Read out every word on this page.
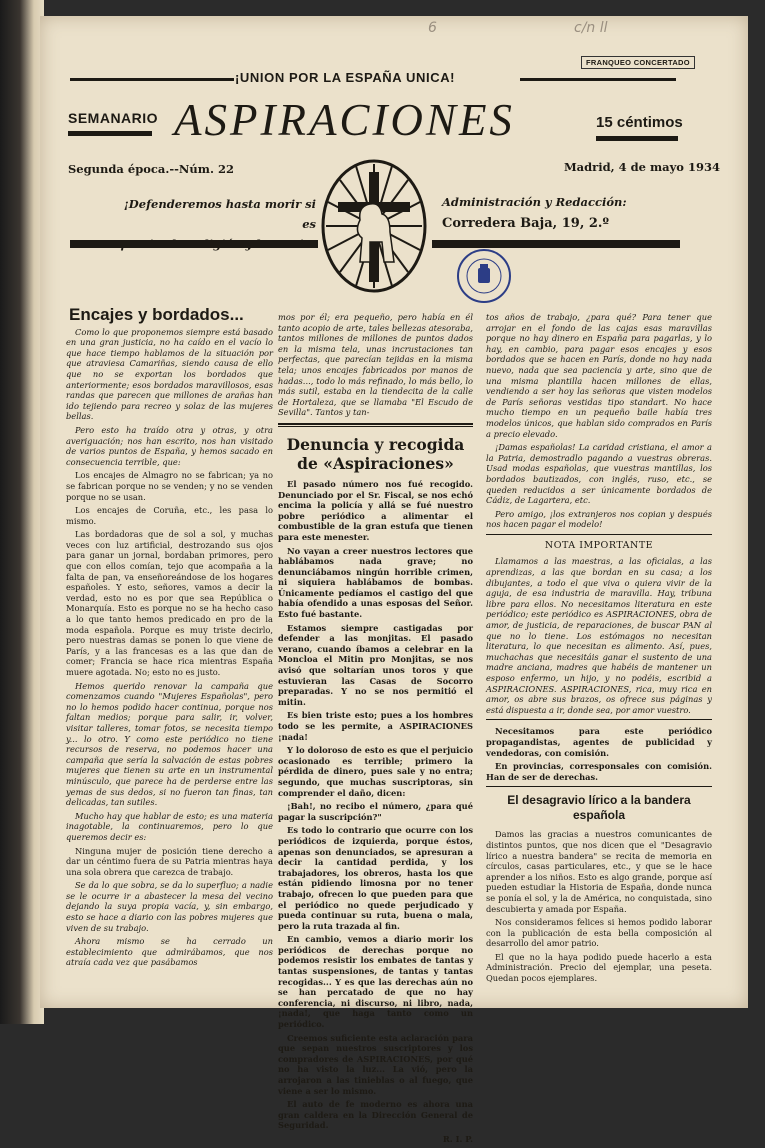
6	c/n ll
FRANQUEO CONCERTADO
¡UNION POR LA ESPAÑA UNICA!
SEMANARIO ASPIRACIONES	15 céntimos
Segunda época.--Núm. 22	Madrid, 4 de mayo 1934
¡Defenderemos hasta morir si es
Administración y Redacción:
Corredera Baja, 19, 2.º
Encajes y bordados...

Como lo que proponemos siempre está basado en una gran justicia, no ha caído en el vacío lo que hace tiempo hablamos de la situación por que atraviesa Camariñas, siendo causa de ello que no se exportan los bordados que anteriormente; esos bordados maravillosos, esas randas que parecen que millones de arañas han ido tejiendo para recreo y solaz de las mujeres bellas.

Pero esto ha traído otra y otras, y otra averiguación; nos han escrito, nos han visitado de varios puntos de España, y hemos sacado en consecuencia terrible, que:

Los encajes de Almagro no se fabrican; ya no se fabrican porque no se venden; y no se venden porque no se usan.

Los encajes de Coruña, etc., les pasa lo mismo.

Las bordadoras que de sol a sol, y muchas veces con luz artificial, destrozando sus ojos para ganar un jornal, bordaban primores, pero que con ellos comían, tejo que acompaña a la falta de pan, va enseñoreándose de los hogares españoles. Y esto, señores, vamos a decir la verdad, esto no es por que sea República o Monarquía. Esto es porque no se ha hecho caso a lo que tanto hemos predicado en pro de la moda española. Porque es muy triste decirlo, pero nuestras damas se ponen lo que viene de París, y a las francesas es a las que dan de comer; Francia se hace rica mientras España muere agotada. No; esto no es justo.

Hemos querido renovar la campaña que comenzamos cuando "Mujeres Españolas", pero no lo hemos podido hacer continua, porque nos faltan medios; porque para salir, ir, volver, visitar talleres, tomar fotos, se necesita tiempo y... lo otro. Y como este periódico no tiene recursos de reserva, no podemos hacer una campaña que sería la salvación de estas pobres mujeres que tienen su arte en un instrumental minúsculo, que parece ha de perderse entre las yemas de sus dedos, si no fueron tan finas, tan delicadas, tan sutiles.

Mucho hay que hablar de esto; es una materia inagotable, la continuaremos, pero lo que queremos decir es:

Ninguna mujer de posición tiene derecho a dar un céntimo fuera de su Patria mientras haya una sola obrera que carezca de trabajo.

Se da lo que sobra, se da lo superfluo; a nadie se le ocurre ir a abastecer la mesa del vecino dejando la suya propia vacía, y, sin embargo, esto se hace a diario con las pobres mujeres que viven de su trabajo.

Ahora mismo se ha cerrado un establecimiento que admirábamos, que nos atraía cada vez que pasábamos

mos por él; era pequeño, pero había en él tanto acopio de arte, tales bellezas atesoraba, tantos millones de millones de puntos dados en la misma tela, unas incrustaciones tan perfectas, que parecían tejidas en la misma tela; unos encajes fabricados por manos de hadas..., todo lo más refinado, lo más bello, lo más sutil, estaba en la tiendecita de la calle de Hortaleza, que se llamaba "El Escudo de Sevilla". Tantos y tan-

Denuncia y recogida de «Aspiraciones»

El pasado número nos fué recogido. Denunciado por el Sr. Fiscal, se nos echó encima la policía y allá se fué nuestro pobre periódico a alimentar el combustible de la gran estufa que tienen para este menester.

No vayan a creer nuestros lectores que hablábamos nada grave; no denunciábamos ningún horrible crimen, ni siquiera hablábamos de bombas. Únicamente pedíamos el castigo del que había ofendido a unas esposas del Señor. Esto fué bastante.

Estamos siempre castigadas por defender a las monjitas. El pasado verano, cuando íbamos a celebrar en la Moncloa el Mitin pro Monjitas, se nos avisó que soltarían unos toros y que estuvieran las Casas de Socorro preparadas. Y no se nos permitió el mitin.

Es bien triste esto; pues a los hombres todo se les permite, a ASPIRACIONES ¡nada!

Y lo doloroso de esto es que el perjuicio ocasionado es terrible; primero la pérdida de dinero, pues sale y no entra; segundo, que muchas suscriptoras, sin comprender el daño, dicen:

¡Bah!, no recibo el número, ¿para qué pagar la suscripción?"

Es todo lo contrario que ocurre con los periódicos de izquierda, porque éstos, apenas son denunciados, se apresuran a decir la cantidad perdida, y los trabajadores, los obreros, hasta los que están pidiendo limosna por no tener trabajo, ofrecen lo que pueden para que el periódico no quede perjudicado y pueda continuar su ruta, buena o mala, pero la ruta trazada al fin.

En cambio, vemos a diario morir los periódicos de derechas porque no podemos resistir los embates de tantas y tantas suspensiones, de tantas y tantas recogidas... Y es que las derechas aún no se han percatado de que no hay conferencia, ni discurso, ni libro, nada, ¡nada!, que haga tanto como un periódico.

Creemos suficiente esta aclaración para que sepan nuestros suscriptores y los compradores de ASPIRACIONES, por qué no ha visto la luz... La vió, pero la arrojaron a las tinieblas o al fuego, que viene a ser lo mismo.

El auto de fe moderno es ahora una gran caldera en la Dirección General de Seguridad.

R. I. P.

tos años de trabajo, ¿para qué? Para tener que arrojar en el fondo de las cajas esas maravillas porque no hay dinero en España para pagarlas, y lo hay, en cambio, para pagar esos encajes y esos bordados que se hacen en París, donde no hay nada nuevo, nada que sea paciencia y arte, sino que de una misma plantilla hacen millones de ellas, vendiendo a ser hoy las señoras que visten modelos de París señoras vestidas tipo standart. No hace mucho tiempo en un pequeño baile había tres modelos únicos, que hablan sido comprados en París a precio elevado.

¡Damas españolas! La caridad cristiana, el amor a la Patria, demostradlo pagando a vuestras obreras. Usad modas españolas, que vuestras mantillas, los bordados bautizados, con inglés, ruso, etc., se queden reducidos a ser únicamente bordados de Cádiz, de Lagartera, etc.

Pero amigo, ¡los extranjeros nos copian y después nos hacen pagar el modelo!

NOTA IMPORTANTE

Llamamos a las maestras, a las oficialas, a las aprendizas, a las que bordan en su casa; a los dibujantes, a todo el que viva o quiera vivir de la aguja, de esa industria de maravilla. Hay, tribuna libre para ellos. No necesitamos literatura en este periódico; este periódico es ASPIRACIONES, obra de amor, de justicia, de reparaciones, de buscar PAN al que no lo tiene. Los estómagos no necesitan literatura, lo que necesitan es alimento. Así, pues, muchachas que necesitáis ganar el sustento de una madre anciana, madres que habéis de mantener un esposo enfermo, un hijo, y no podéis, escribid a ASPIRACIONES. ASPIRACIONES, rica, muy rica en amor, os abre sus brazos, os ofrece sus páginas y está dispuesta a ir, donde sea, por amor vuestro.

Necesitamos para este periódico propagandistas, agentes de publicidad y vendedoras, con comisión.

En provincias, corresponsales con comisión. Han de ser de derechas.

El desagravio lírico a la bandera española

Damos las gracias a nuestros comunicantes de distintos puntos, que nos dicen que el "Desagravio lírico a nuestra bandera" se recita de memoria en círculos, casas particulares, etc., y que se le hace aprender a los niños. Esto es algo grande, porque así pueden estudiar la Historia de España, donde nunca se ponía el sol, y la de América, no conquistada, sino descubierta y amada por España.

Nos consideramos felices si hemos podido laborar con la publicación de esta bella composición al desarrollo del amor patrio.

El que no la haya podido puede hacerlo a esta Administración. Precio del ejemplar, una peseta. Quedan pocos ejemplares.
